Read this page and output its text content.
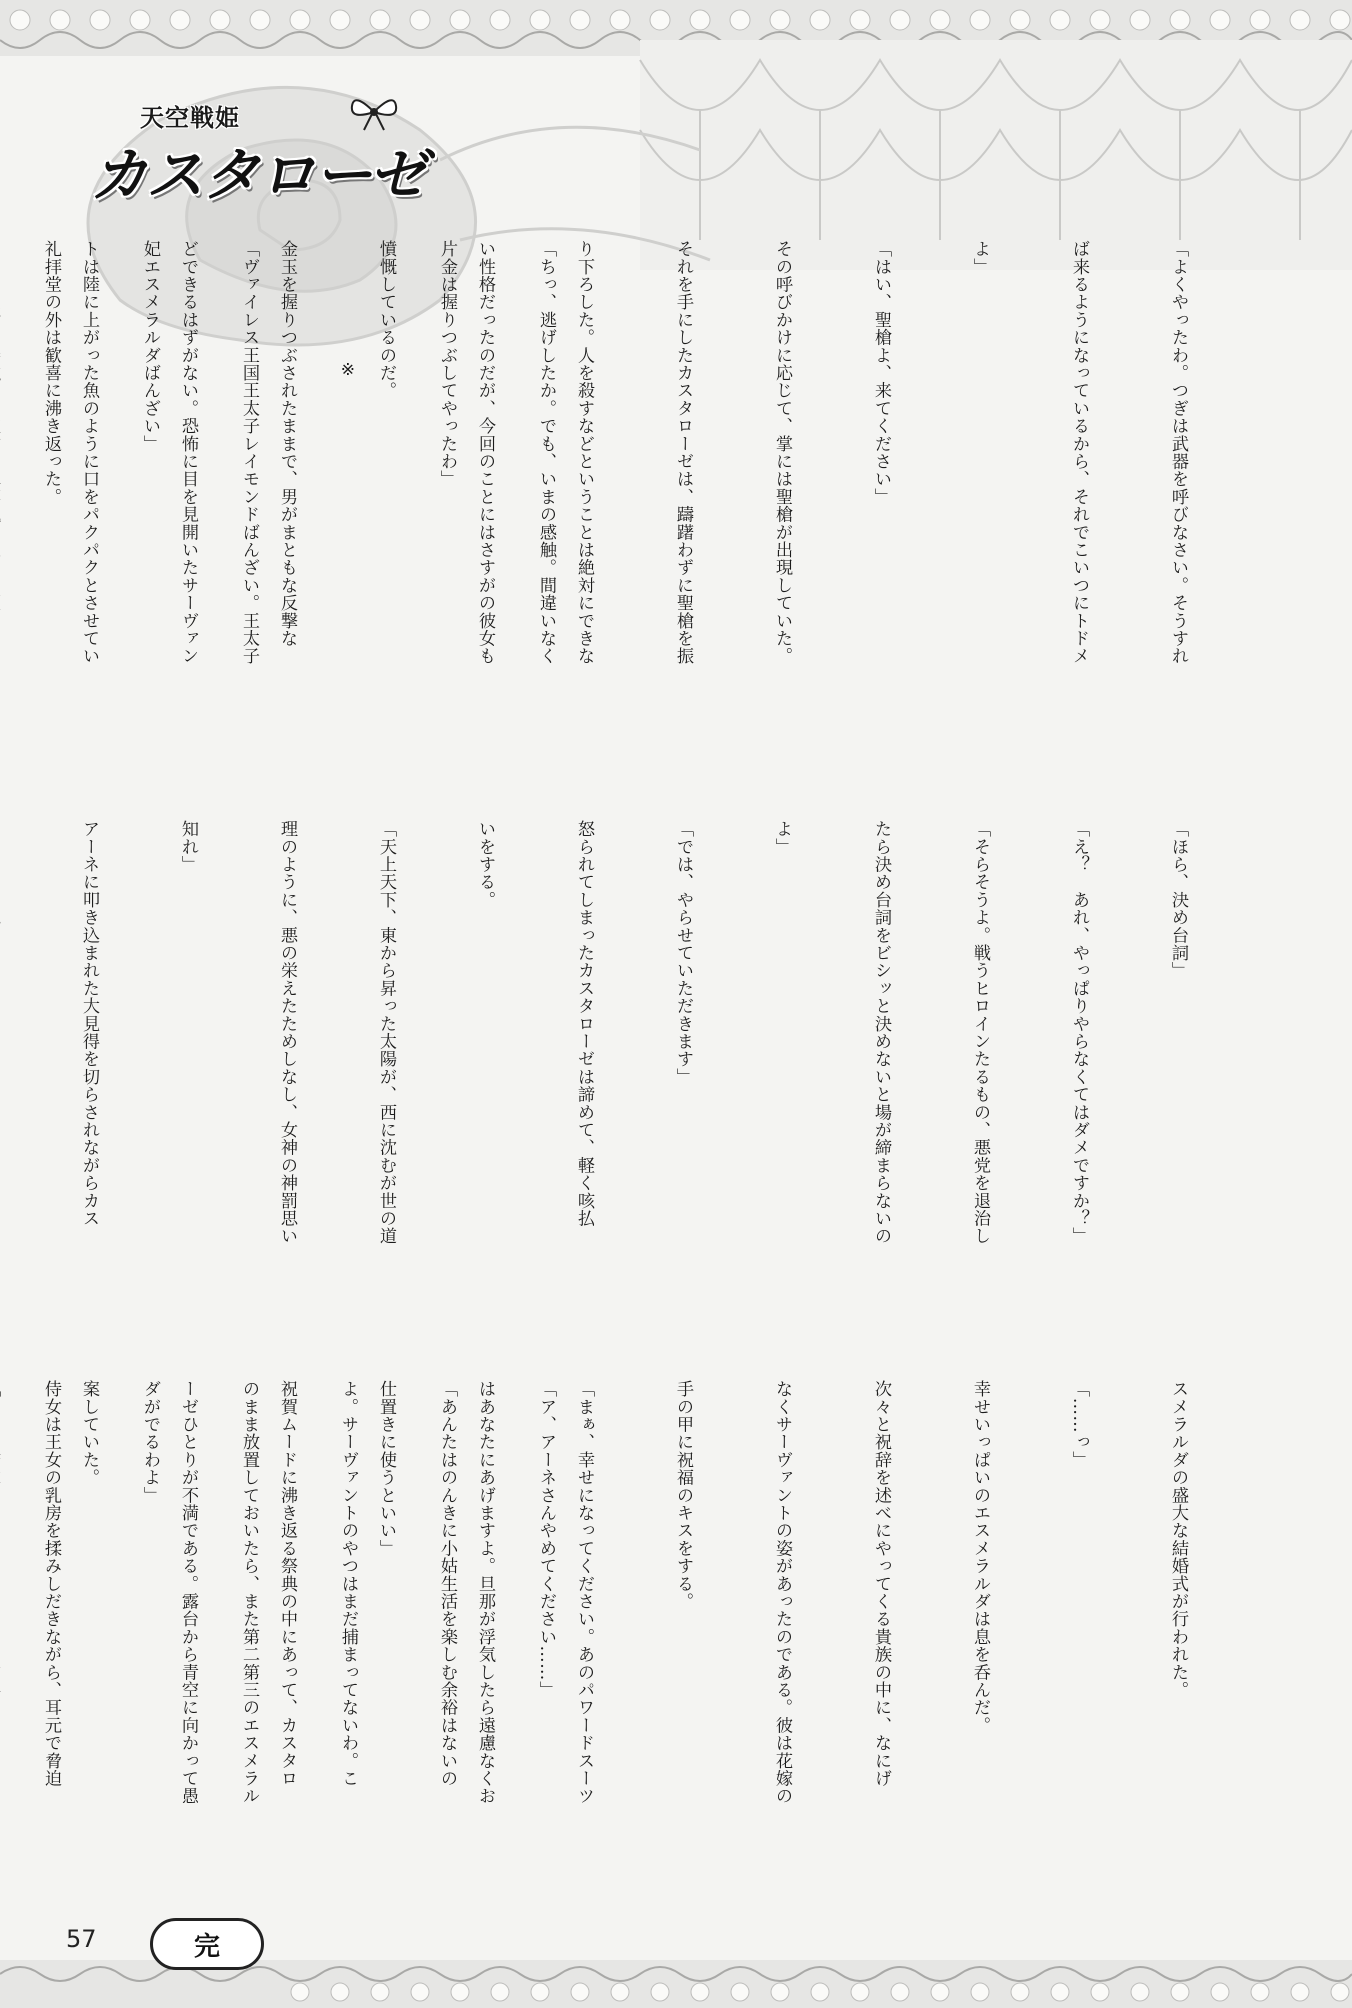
天空戦姫
カスタローゼ

「よくやったわ。つぎは武器を呼びなさい。そうすれ

ば来るようになっているから、それでこいつにトドメ

よ」

「はい、聖槍よ、来てください」

その呼びかけに応じて、掌には聖槍が出現していた。

それを手にしたカスタローゼは、躊躇わずに聖槍を振

り下ろした。人を殺すなどということは絶対にできな

い性格だったのだが、今回のことにはさすがの彼女も

憤慨しているのだ。

金玉を握りつぶされたままで、男がまともな反撃な

どできるはずがない。恐怖に目を見開いたサーヴァン

トは陸に上がった魚のように口をパクパクとさせてい

	「ちっ、逃げしたか。でも、いまの感触。間違いなく

片金は握りつぶしてやったわ」

※

「ヴァイレス王国王太子レイモンドばんざい。王太子

妃エスメラルダばんざい」

礼拝堂の外は歓喜に沸き返った。

「ほら、決め台詞」

「え？　あれ、やっぱりやらなくてはダメですか？」

「そらそうよ。戦うヒロインたるもの、悪党を退治し

たら決め台詞をビシッと決めないと場が締まらないの

よ」

「では、やらせていただきます」

怒られてしまったカスタローゼは諦めて、軽く咳払

いをする。

「天上天下、東から昇った太陽が、西に沈むが世の道

理のように、悪の栄えたためしなし、女神の神罰思い

知れ」

アーネに叩き込まれた大見得を切らされながらカス

スメラルダの盛大な結婚式が行われた。

「……っ」

幸せいっぱいのエスメラルダは息を呑んだ。

次々と祝辞を述べにやってくる貴族の中に、なにげ

なくサーヴァントの姿があったのである。彼は花嫁の

手の甲に祝福のキスをする。

「まぁ、幸せになってください。あのパワードスーツ

はあなたにあげますよ。旦那が浮気したら遠慮なくお

仕置きに使うといい」

祝賀ムードに沸き返る祭典の中にあって、カスタロ

ーゼひとりが不満である。露台から青空に向かって愚

案していた。

	「ア、アーネさんやめてください……」

「あんたはのんきに小姑生活を楽しむ余裕はないの

よ。サーヴァントのやつはまだ捕まってないわ。こ

のまま放置しておいたら、また第二第三のエスメラル

ダがでるわよ」

侍女は王女の乳房を揉みしだきながら、耳元で脅迫

57	完
